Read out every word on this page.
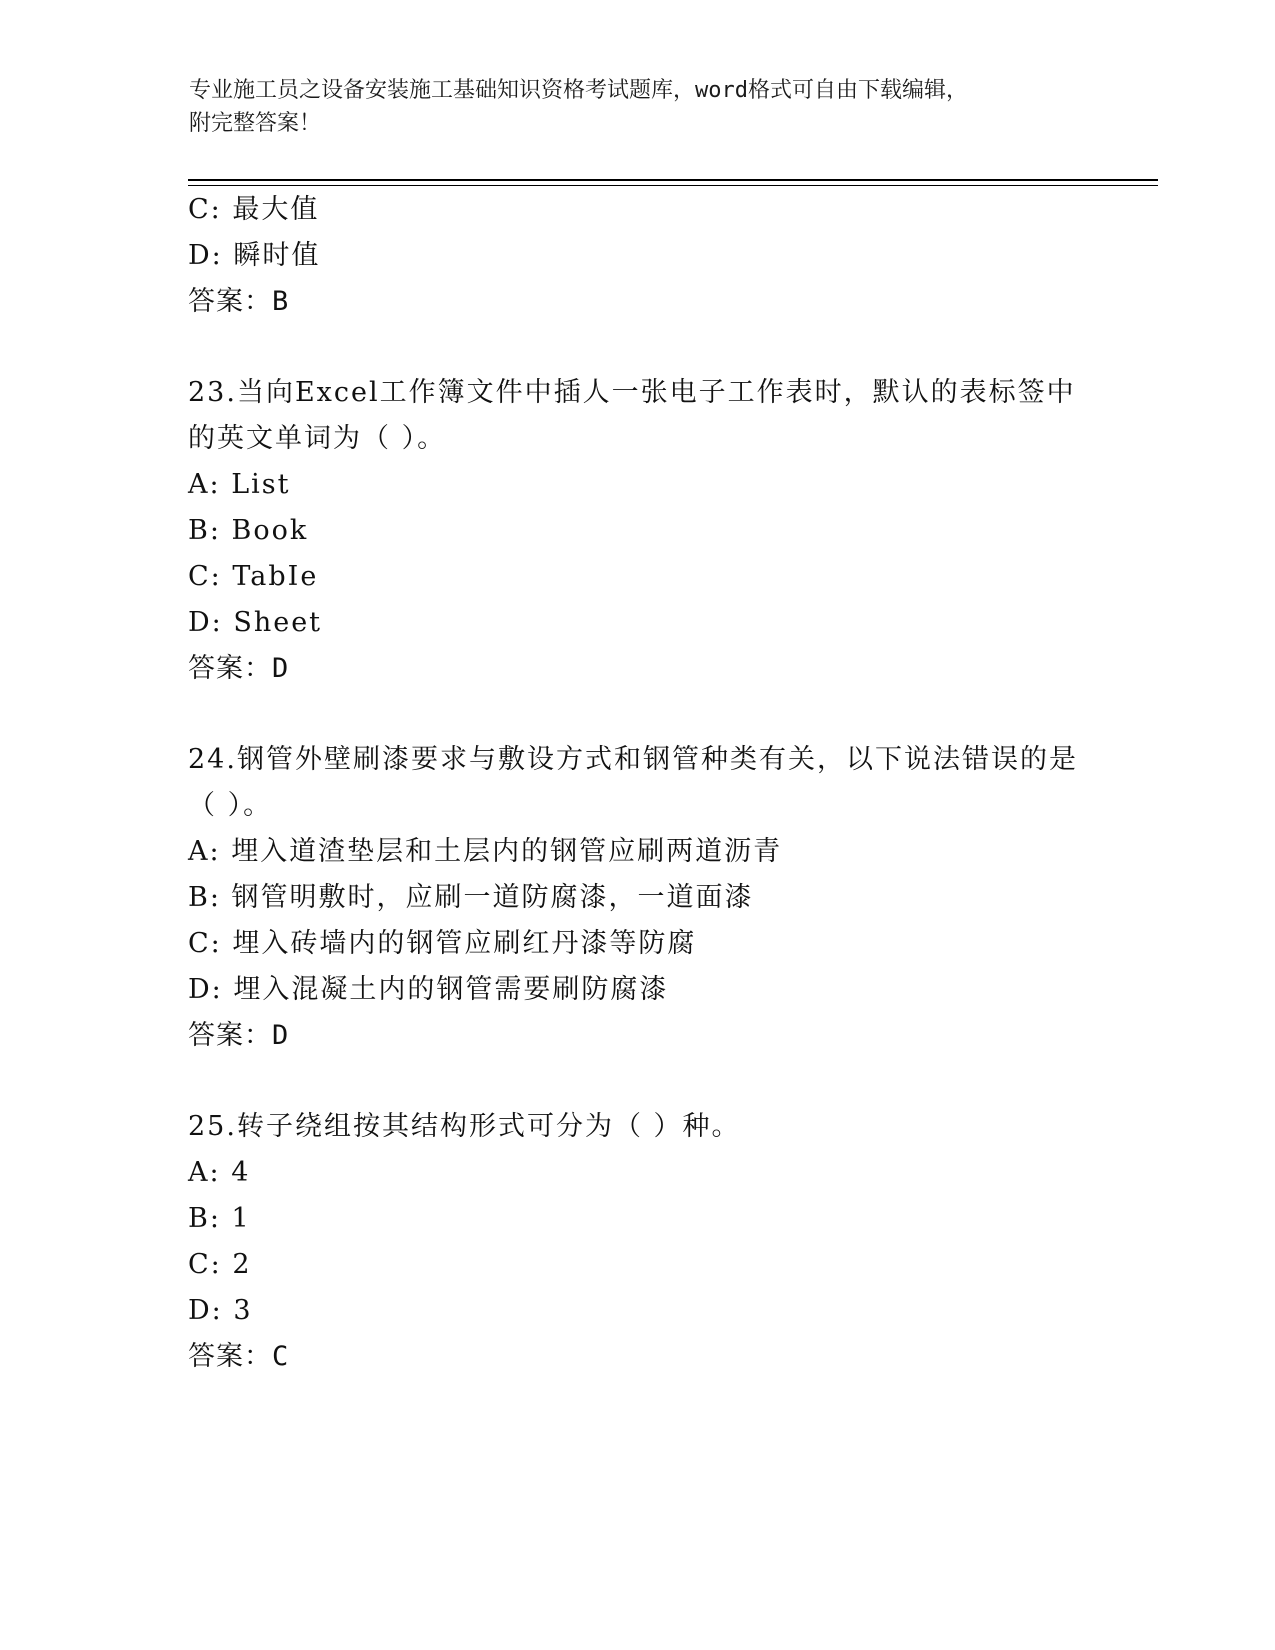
专业施工员之设备安装施工基础知识资格考试题库，word格式可自由下载编辑，
附完整答案！
C: 最大值
D: 瞬时值
答案：B
23.当向Excel工作簿文件中插人一张电子工作表时，默认的表标签中
的英文单词为（ ）。
A: List
B: Book
C: TabIe
D: Sheet
答案：D
24.钢管外壁刷漆要求与敷设方式和钢管种类有关，以下说法错误的是
（ ）。
A: 埋入道渣垫层和土层内的钢管应刷两道沥青
B: 钢管明敷时，应刷一道防腐漆，一道面漆
C: 埋入砖墙内的钢管应刷红丹漆等防腐
D: 埋入混凝土内的钢管需要刷防腐漆
答案：D
25.转子绕组按其结构形式可分为（ ）种。
A: 4
B: 1
C: 2
D: 3
答案：C
